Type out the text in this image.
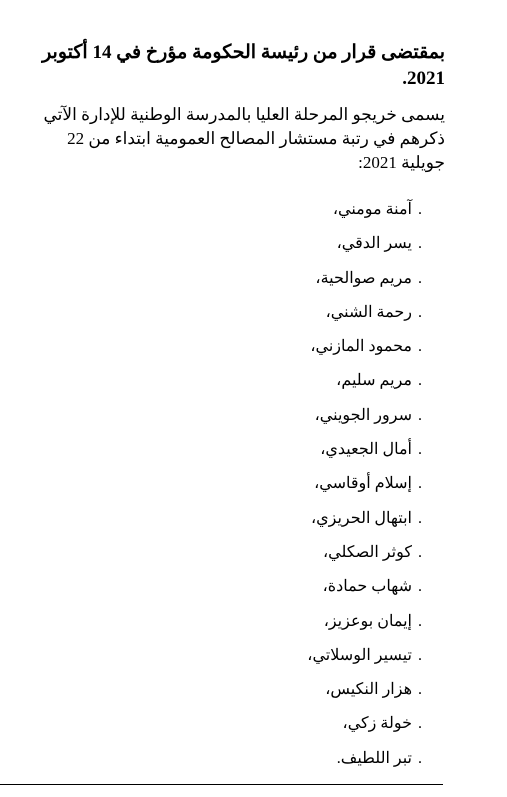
بمقتضى قرار من رئيسة الحكومة مؤرخ في 14 أكتوبر 2021.

يسمى خريجو المرحلة العليا بالمدرسة الوطنية للإدارة الآتي ذكرهم في رتبة مستشار المصالح العمومية ابتداء من 22 جويلية 2021:

.آمنة مومني،
.يسر الدقي،
.مريم صوالحية،
.رحمة الشني،
.محمود المازني،
.مريم سليم،
.سرور الجويني،
.أمال الجعيدي،
.إسلام أوقاسي،
.ابتهال الحريزي،
.كوثر الصكلي،
.شهاب حمادة،
.إيمان بوعزيز،
.تيسير الوسلاتي،
.هزار النكيس،
.خولة زكي،
.تبر اللطيف.
